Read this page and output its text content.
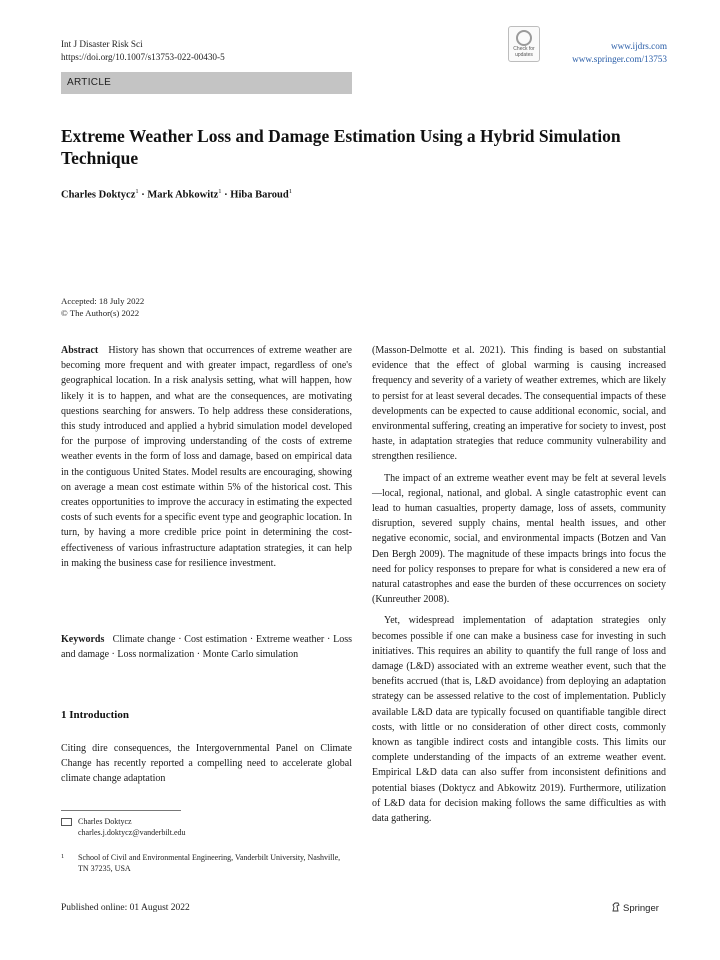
Int J Disaster Risk Sci
https://doi.org/10.1007/s13753-022-00430-5
Check for updates
www.ijdrs.com
www.springer.com/13753
ARTICLE
Extreme Weather Loss and Damage Estimation Using a Hybrid Simulation Technique
Charles Doktycz$^1$ · Mark Abkowitz$^1$ · Hiba Baroud$^1$
Accepted: 18 July 2022
© The Author(s) 2022

Abstract History has shown that occurrences of extreme weather are becoming more frequent and with greater impact, regardless of one's geographical location. In a risk analysis setting, what will happen, how likely it is to happen, and what are the consequences, are motivating questions searching for answers. To help address these considerations, this study introduced and applied a hybrid simulation model developed for the purpose of improving understanding of the costs of extreme weather events in the form of loss and damage, based on empirical data in the contiguous United States. Model results are encouraging, showing on average a mean cost estimate within 5% of the historical cost. This creates opportunities to improve the accuracy in estimating the expected costs of such events for a specific event type and geographic location. In turn, by having a more credible price point in determining the cost-effectiveness of various infrastructure adaptation strategies, it can help in making the business case for resilience investment.

Keywords Climate change · Cost estimation · Extreme weather · Loss and damage · Loss normalization · Monte Carlo simulation

1 Introduction

Citing dire consequences, the Intergovernmental Panel on Climate Change has recently reported a compelling need to accelerate global climate change adaptation

Charles Doktycz
charles.j.doktycz@vanderbilt.edu
1	School of Civil and Environmental Engineering, Vanderbilt University, Nashville, TN 37235, USA

(Masson-Delmotte et al. 2021). This finding is based on substantial evidence that the effect of global warming is causing increased frequency and severity of a variety of weather extremes, which are likely to persist for at least several decades. The consequential impacts of these developments can be expected to cause additional economic, social, and environmental suffering, creating an imperative for society to invest, post haste, in adaptation strategies that reduce community vulnerability and strengthen resilience.

The impact of an extreme weather event may be felt at several levels—local, regional, national, and global. A single catastrophic event can lead to human casualties, property damage, loss of assets, community disruption, severed supply chains, mental health issues, and other negative economic, social, and environmental impacts (Botzen and Van Den Bergh 2009). The magnitude of these impacts brings into focus the need for policy responses to prepare for what is considered a new era of natural catastrophes and ease the burden of these occurrences on society (Kunreuther 2008).

Yet, widespread implementation of adaptation strategies only becomes possible if one can make a business case for investing in such initiatives. This requires an ability to quantify the full range of loss and damage (L&D) associated with an extreme weather event, such that the benefits accrued (that is, L&D avoidance) from deploying an adaptation strategy can be assessed relative to the cost of implementation. Publicly available L&D data are typically focused on quantifiable tangible direct costs, with little or no consideration of other direct costs, commonly known as tangible indirect costs and intangible costs. This limits our complete understanding of the impacts of an extreme weather event. Empirical L&D data can also suffer from inconsistent definitions and potential biases (Doktycz and Abkowitz 2019). Furthermore, utilization of L&D data for decision making follows the same difficulties as with data gathering.

Published online: 01 August 2022	Springer
